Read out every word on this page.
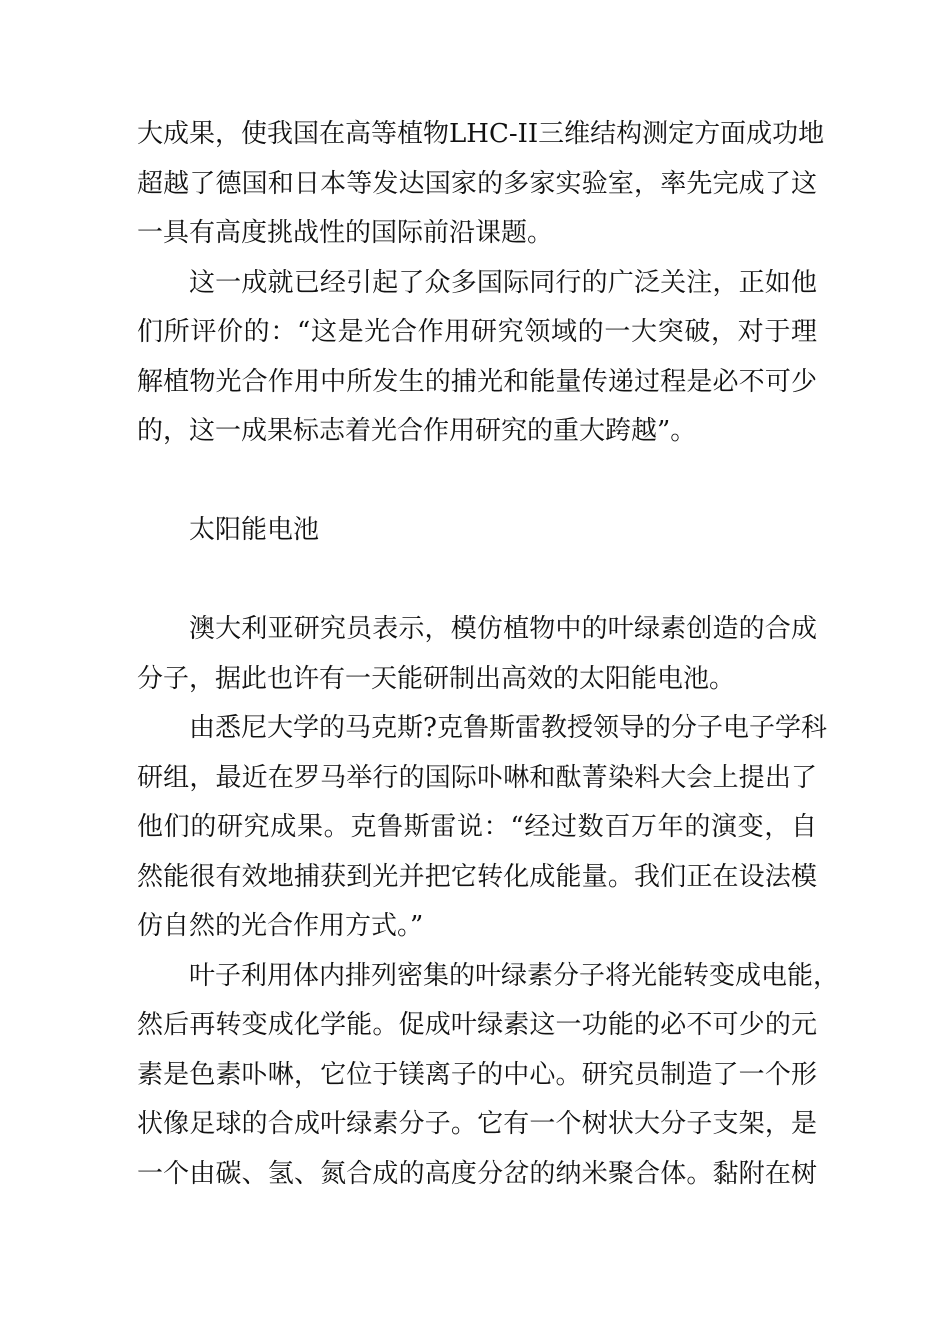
大成果，使我国在高等植物LHC-II三维结构测定方面成功地
超越了德国和日本等发达国家的多家实验室，率先完成了这
一具有高度挑战性的国际前沿课题。
这一成就已经引起了众多国际同行的广泛关注，正如他
们所评价的：“这是光合作用研究领域的一大突破，对于理
解植物光合作用中所发生的捕光和能量传递过程是必不可少
的，这一成果标志着光合作用研究的重大跨越”。
太阳能电池
澳大利亚研究员表示，模仿植物中的叶绿素创造的合成
分子，据此也许有一天能研制出高效的太阳能电池。
由悉尼大学的马克斯?克鲁斯雷教授领导的分子电子学科
研组，最近在罗马举行的国际卟啉和酞菁染料大会上提出了
他们的研究成果。克鲁斯雷说：“经过数百万年的演变，自
然能很有效地捕获到光并把它转化成能量。我们正在设法模
仿自然的光合作用方式。”
叶子利用体内排列密集的叶绿素分子将光能转变成电能，
然后再转变成化学能。促成叶绿素这一功能的必不可少的元
素是色素卟啉，它位于镁离子的中心。研究员制造了一个形
状像足球的合成叶绿素分子。它有一个树状大分子支架，是
一个由碳、氢、氮合成的高度分岔的纳米聚合体。黏附在树
